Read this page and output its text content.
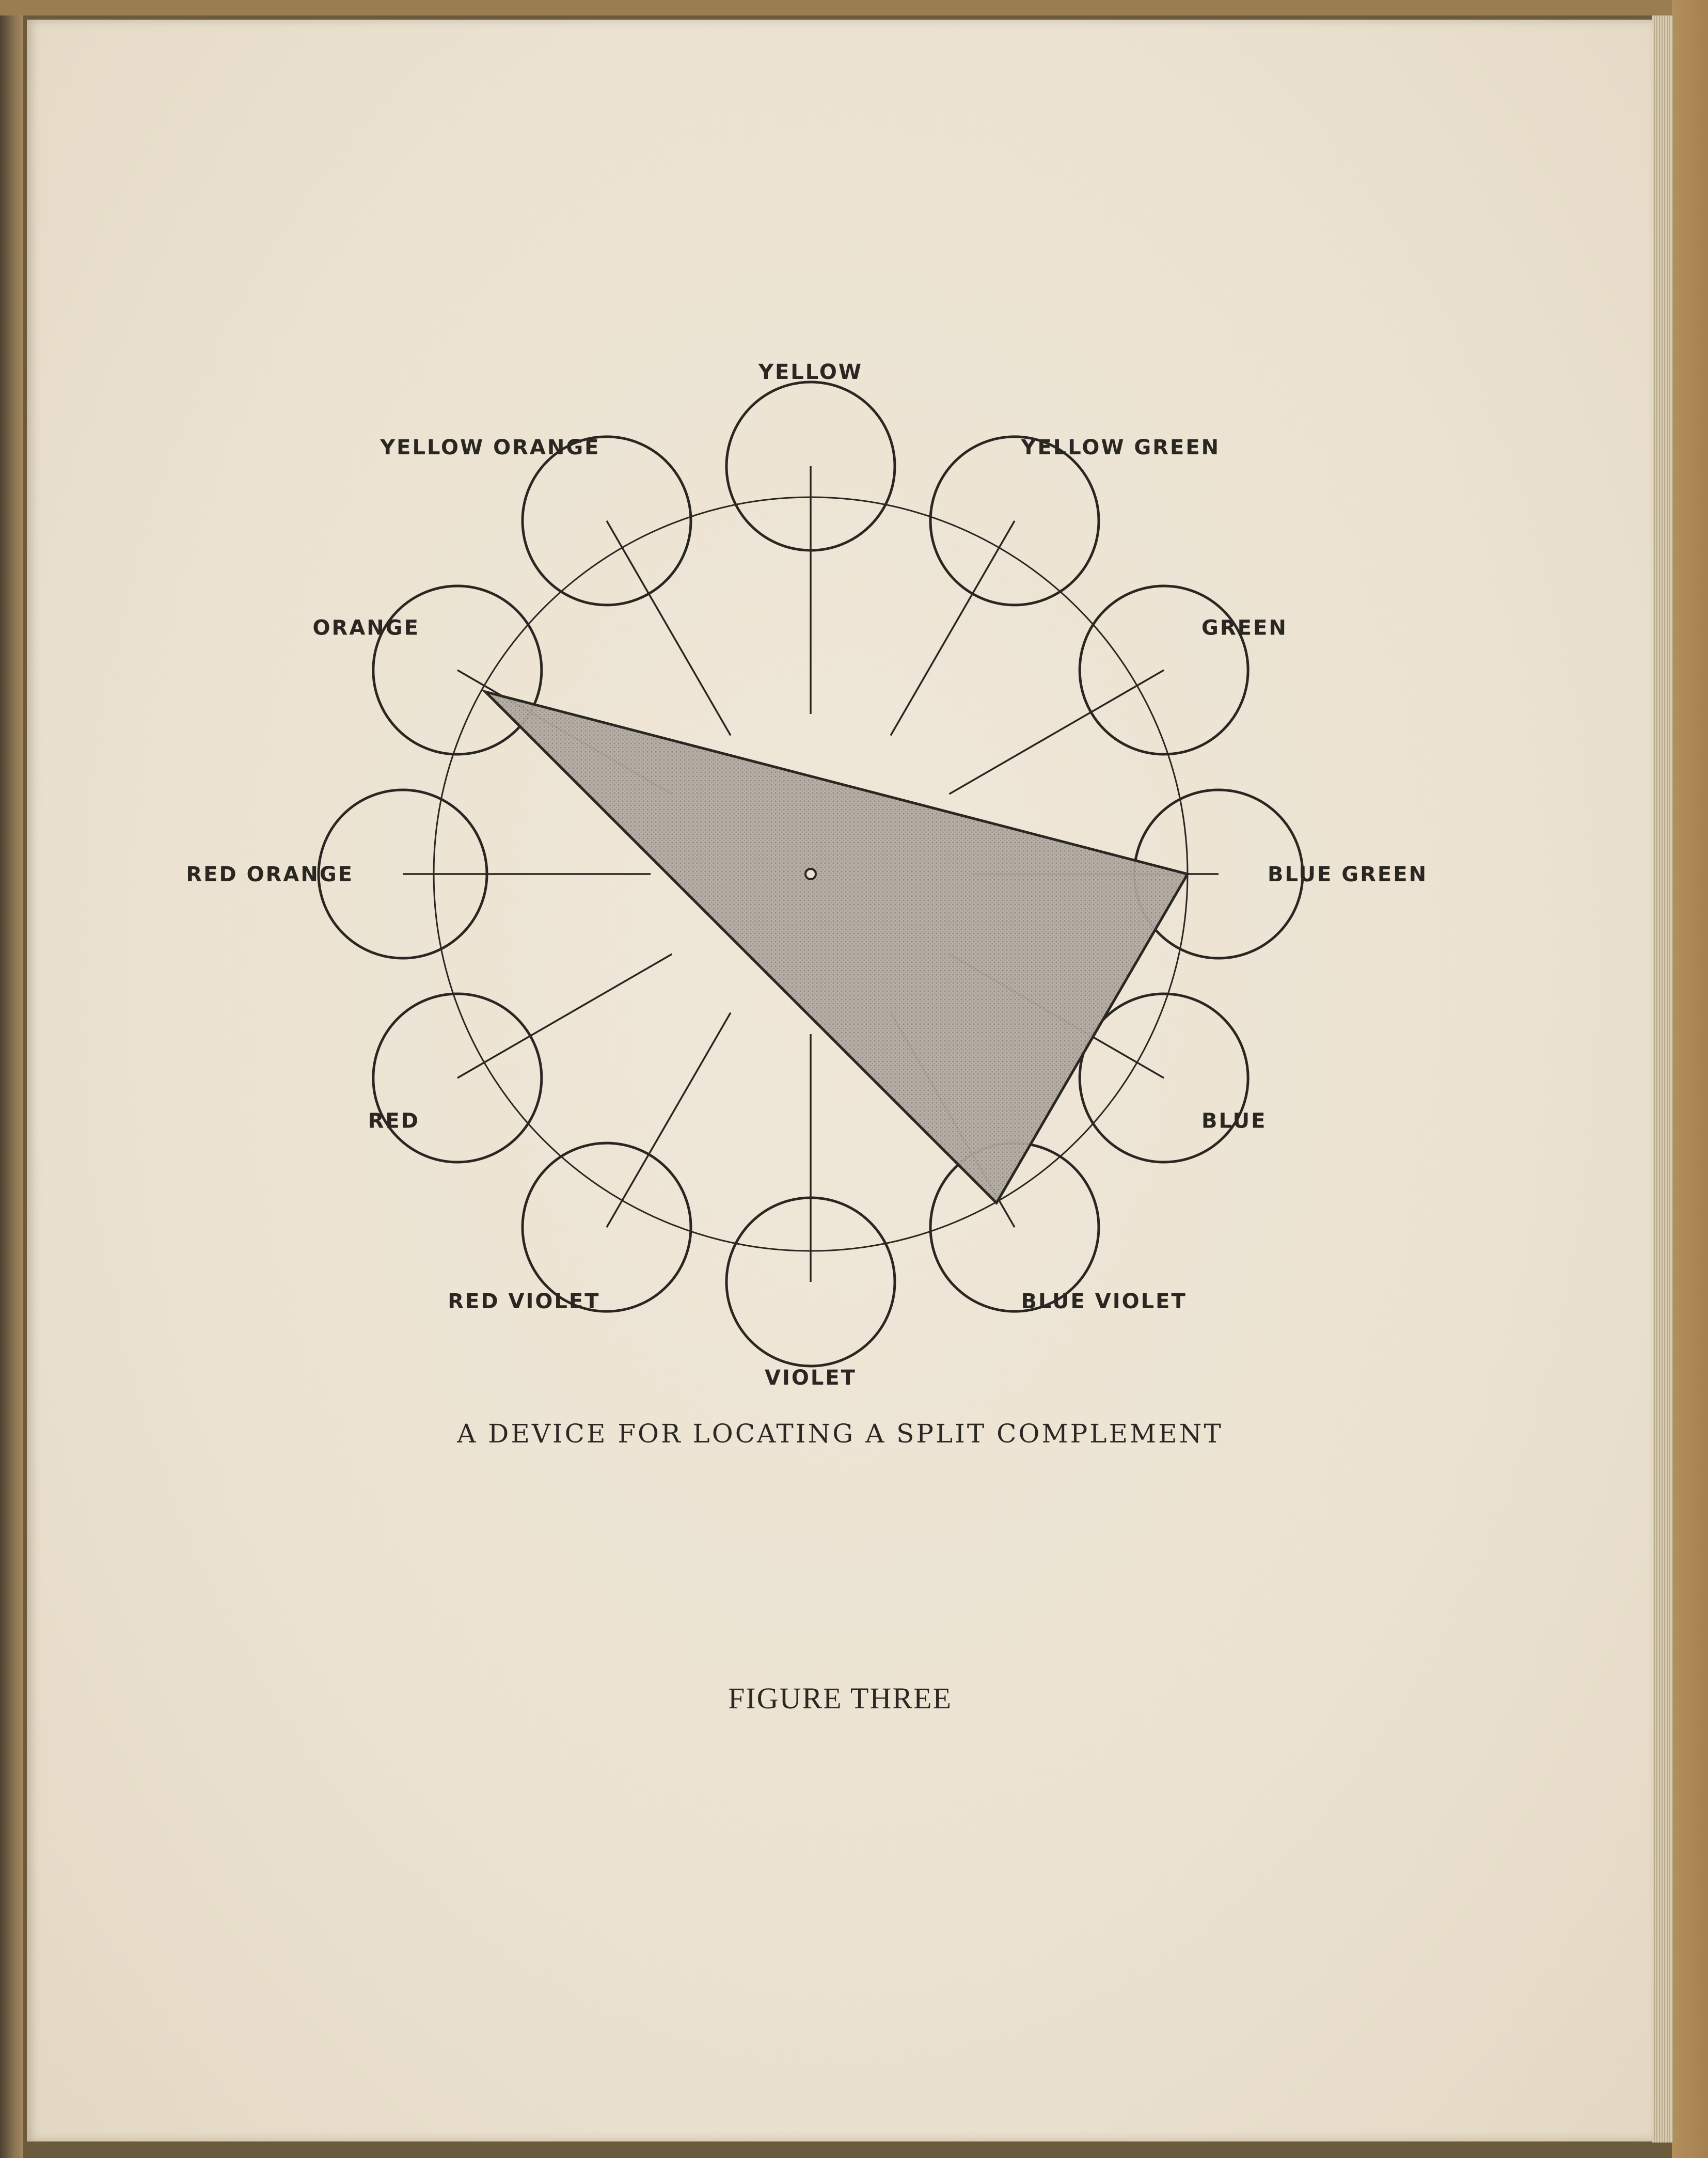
YELLOW
YELLOW GREEN
GREEN
BLUE GREEN
BLUE
BLUE VIOLET
VIOLET
RED VIOLET
RED
RED ORANGE
ORANGE
YELLOW ORANGE

A DEVICE FOR LOCATING A SPLIT COMPLEMENT

FIGURE THREE
